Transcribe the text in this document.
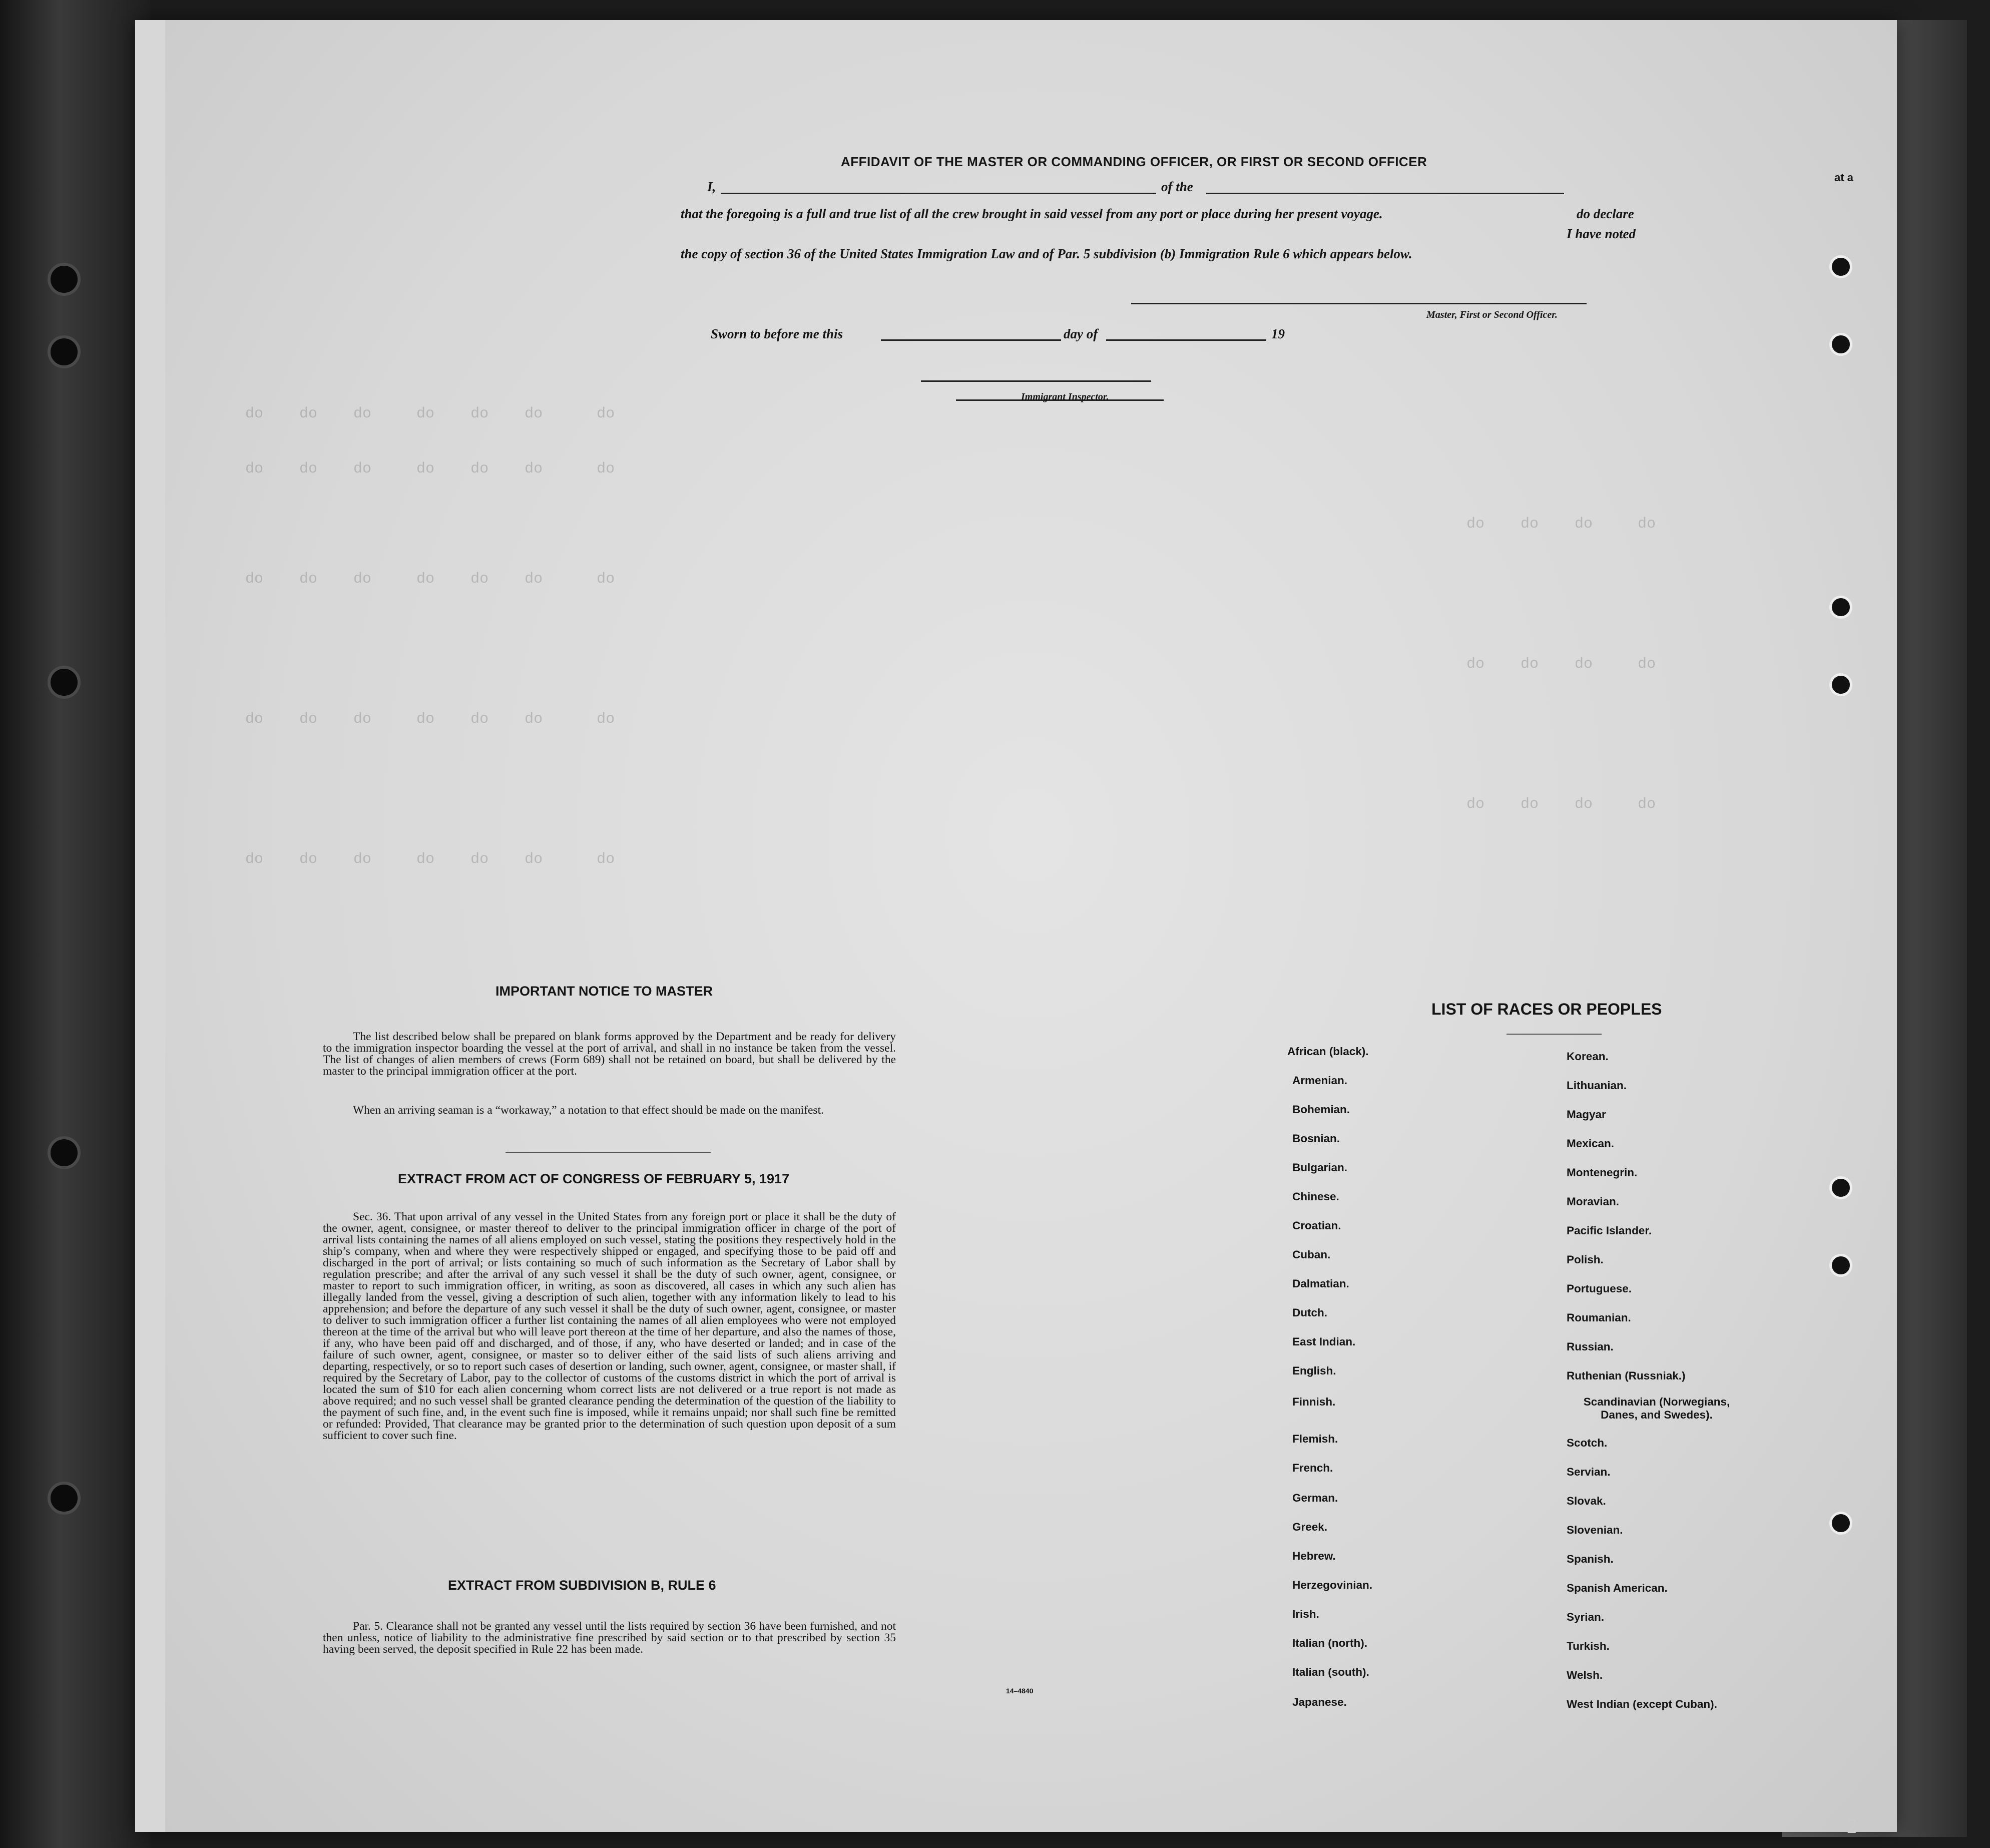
do    do    do     do    do    do      do
do    do    do     do    do    do      do
do    do    do     do    do    do      do
do    do    do     do    do    do      do
do    do    do     do    do    do      do
do    do    do     do
do    do    do     do
do    do    do     do
AFFIDAVIT OF THE MASTER OR COMMANDING OFFICER, OR FIRST OR SECOND OFFICER
at a
I,	of the
that the foregoing is a full and true list of all the crew brought in said vessel from any port or place during her present voyage.	do declare
I have noted
the copy of section 36 of the United States Immigration Law and of Par. 5 subdivision (b) Immigration Rule 6 which appears below.
Master, First or Second Officer.
Sworn to before me this	day of	19
Immigrant Inspector.
IMPORTANT NOTICE TO MASTER
The list described below shall be prepared on blank forms approved by the Department and be ready for delivery to the immigration inspector boarding the vessel at the port of arrival, and shall in no instance be taken from the vessel. The list of changes of alien members of crews (Form 689) shall not be retained on board, but shall be delivered by the master to the principal immigration officer at the port.
When an arriving seaman is a “workaway,” a notation to that effect should be made on the manifest.
EXTRACT FROM ACT OF CONGRESS OF FEBRUARY 5, 1917
Sec. 36. That upon arrival of any vessel in the United States from any foreign port or place it shall be the duty of the owner, agent, consignee, or master thereof to deliver to the principal immigration officer in charge of the port of arrival lists containing the names of all aliens employed on such vessel, stating the positions they respectively hold in the ship’s company, when and where they were respectively shipped or engaged, and specifying those to be paid off and discharged in the port of arrival; or lists containing so much of such information as the Secretary of Labor shall by regulation prescribe; and after the arrival of any such vessel it shall be the duty of such owner, agent, consignee, or master to report to such immigration officer, in writing, as soon as discovered, all cases in which any such alien has illegally landed from the vessel, giving a description of such alien, together with any information likely to lead to his apprehension; and before the departure of any such vessel it shall be the duty of such owner, agent, consignee, or master to deliver to such immigration officer a further list containing the names of all alien employees who were not employed thereon at the time of the arrival but who will leave port thereon at the time of her departure, and also the names of those, if any, who have been paid off and discharged, and of those, if any, who have deserted or landed; and in case of the failure of such owner, agent, consignee, or master so to deliver either of the said lists of such aliens arriving and departing, respectively, or so to report such cases of desertion or landing, such owner, agent, consignee, or master shall, if required by the Secretary of Labor, pay to the collector of customs of the customs district in which the port of arrival is located the sum of $10 for each alien concerning whom correct lists are not delivered or a true report is not made as above required; and no such vessel shall be granted clearance pending the determination of the question of the liability to the payment of such fine, and, in the event such fine is imposed, while it remains unpaid; nor shall such fine be remitted or refunded: Provided, That clearance may be granted prior to the determination of such question upon deposit of a sum sufficient to cover such fine.
EXTRACT FROM SUBDIVISION B, RULE 6
Par. 5. Clearance shall not be granted any vessel until the lists required by section 36 have been furnished, and not then unless, notice of liability to the administrative fine prescribed by said section or to that prescribed by section 35 having been served, the deposit specified in Rule 22 has been made.
14–4840
LIST OF RACES OR PEOPLES
African (black).
Armenian.
Bohemian.
Bosnian.
Bulgarian.
Chinese.
Croatian.
Cuban.
Dalmatian.
Dutch.
East Indian.
English.
Finnish.
Flemish.
French.
German.
Greek.
Hebrew.
Herzegovinian.
Irish.
Italian (north).
Italian (south).
Japanese.
Korean.
Lithuanian.
Magyar
Mexican.
Montenegrin.
Moravian.
Pacific Islander.
Polish.
Portuguese.
Roumanian.
Russian.
Ruthenian (Russniak.)
Scandinavian (Norwegians, Danes, and Swedes).
Scotch.
Servian.
Slovak.
Slovenian.
Spanish.
Spanish American.
Syrian.
Turkish.
Welsh.
West Indian (except Cuban).
2
